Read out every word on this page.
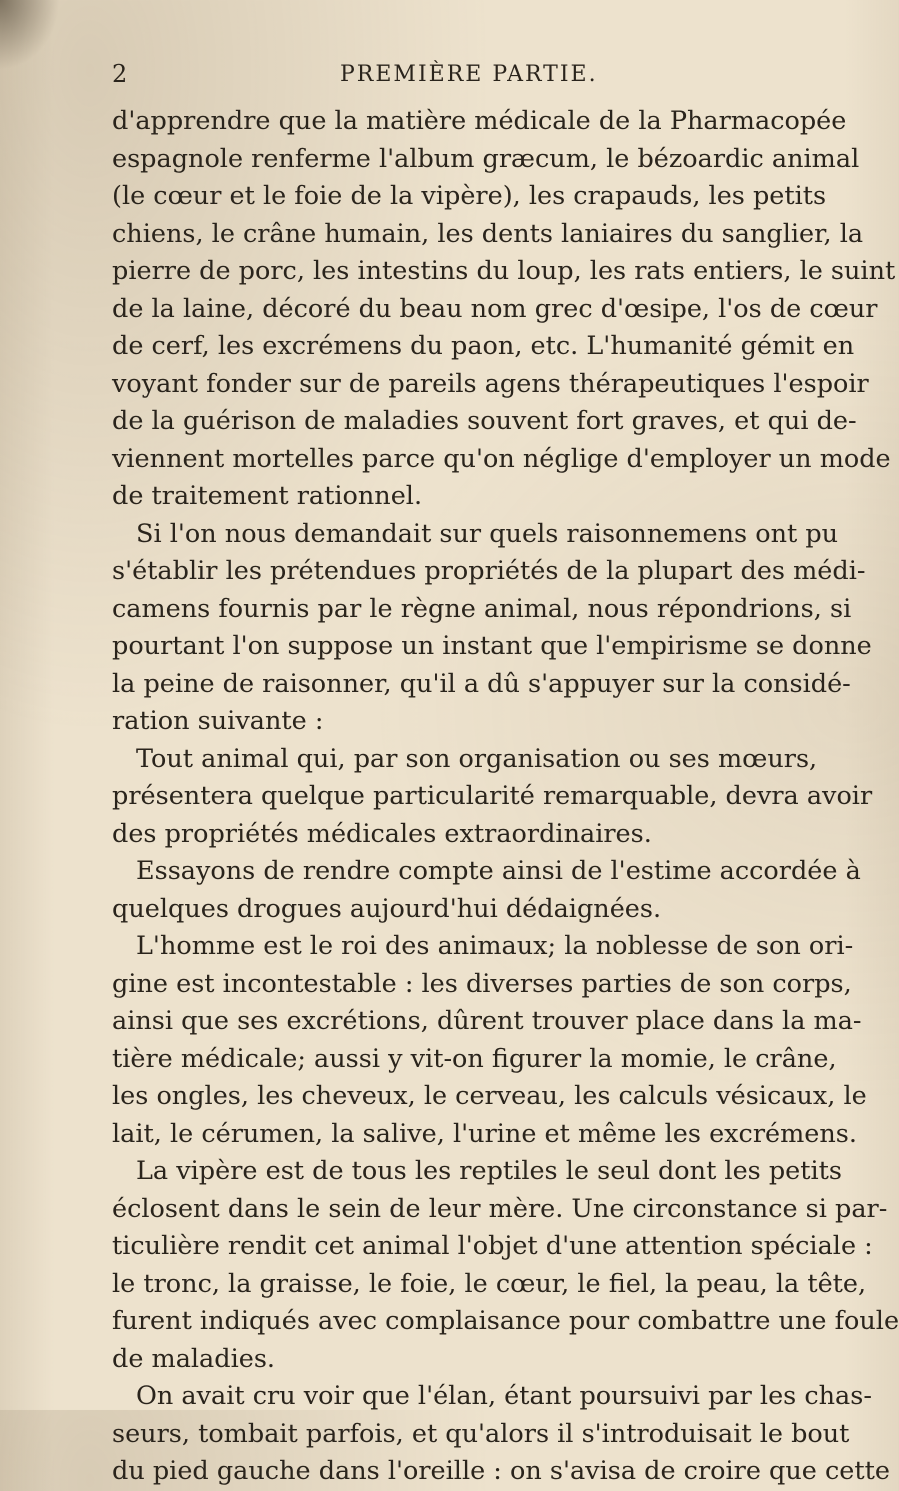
2	PREMIÈRE PARTIE.
d'apprendre que la matière médicale de la Pharmacopée
espagnole renferme l'album græcum, le bézoardic animal
(le cœur et le foie de la vipère), les crapauds, les petits
chiens, le crâne humain, les dents laniaires du sanglier, la
pierre de porc, les intestins du loup, les rats entiers, le suint
de la laine, décoré du beau nom grec d'œsipe, l'os de cœur
de cerf, les excrémens du paon, etc. L'humanité gémit en
voyant fonder sur de pareils agens thérapeutiques l'espoir
de la guérison de maladies souvent fort graves, et qui de-
viennent mortelles parce qu'on néglige d'employer un mode
de traitement rationnel.
Si l'on nous demandait sur quels raisonnemens ont pu
s'établir les prétendues propriétés de la plupart des médi-
camens fournis par le règne animal, nous répondrions, si
pourtant l'on suppose un instant que l'empirisme se donne
la peine de raisonner, qu'il a dû s'appuyer sur la considé-
ration suivante :
Tout animal qui, par son organisation ou ses mœurs,
présentera quelque particularité remarquable, devra avoir
des propriétés médicales extraordinaires.
Essayons de rendre compte ainsi de l'estime accordée à
quelques drogues aujourd'hui dédaignées.
L'homme est le roi des animaux; la noblesse de son ori-
gine est incontestable : les diverses parties de son corps,
ainsi que ses excrétions, dûrent trouver place dans la ma-
tière médicale; aussi y vit-on figurer la momie, le crâne,
les ongles, les cheveux, le cerveau, les calculs vésicaux, le
lait, le cérumen, la salive, l'urine et même les excrémens.
La vipère est de tous les reptiles le seul dont les petits
éclosent dans le sein de leur mère. Une circonstance si par-
ticulière rendit cet animal l'objet d'une attention spéciale :
le tronc, la graisse, le foie, le cœur, le fiel, la peau, la tête,
furent indiqués avec complaisance pour combattre une foule
de maladies.
On avait cru voir que l'élan, étant poursuivi par les chas-
seurs, tombait parfois, et qu'alors il s'introduisait le bout
du pied gauche dans l'oreille : on s'avisa de croire que cette
